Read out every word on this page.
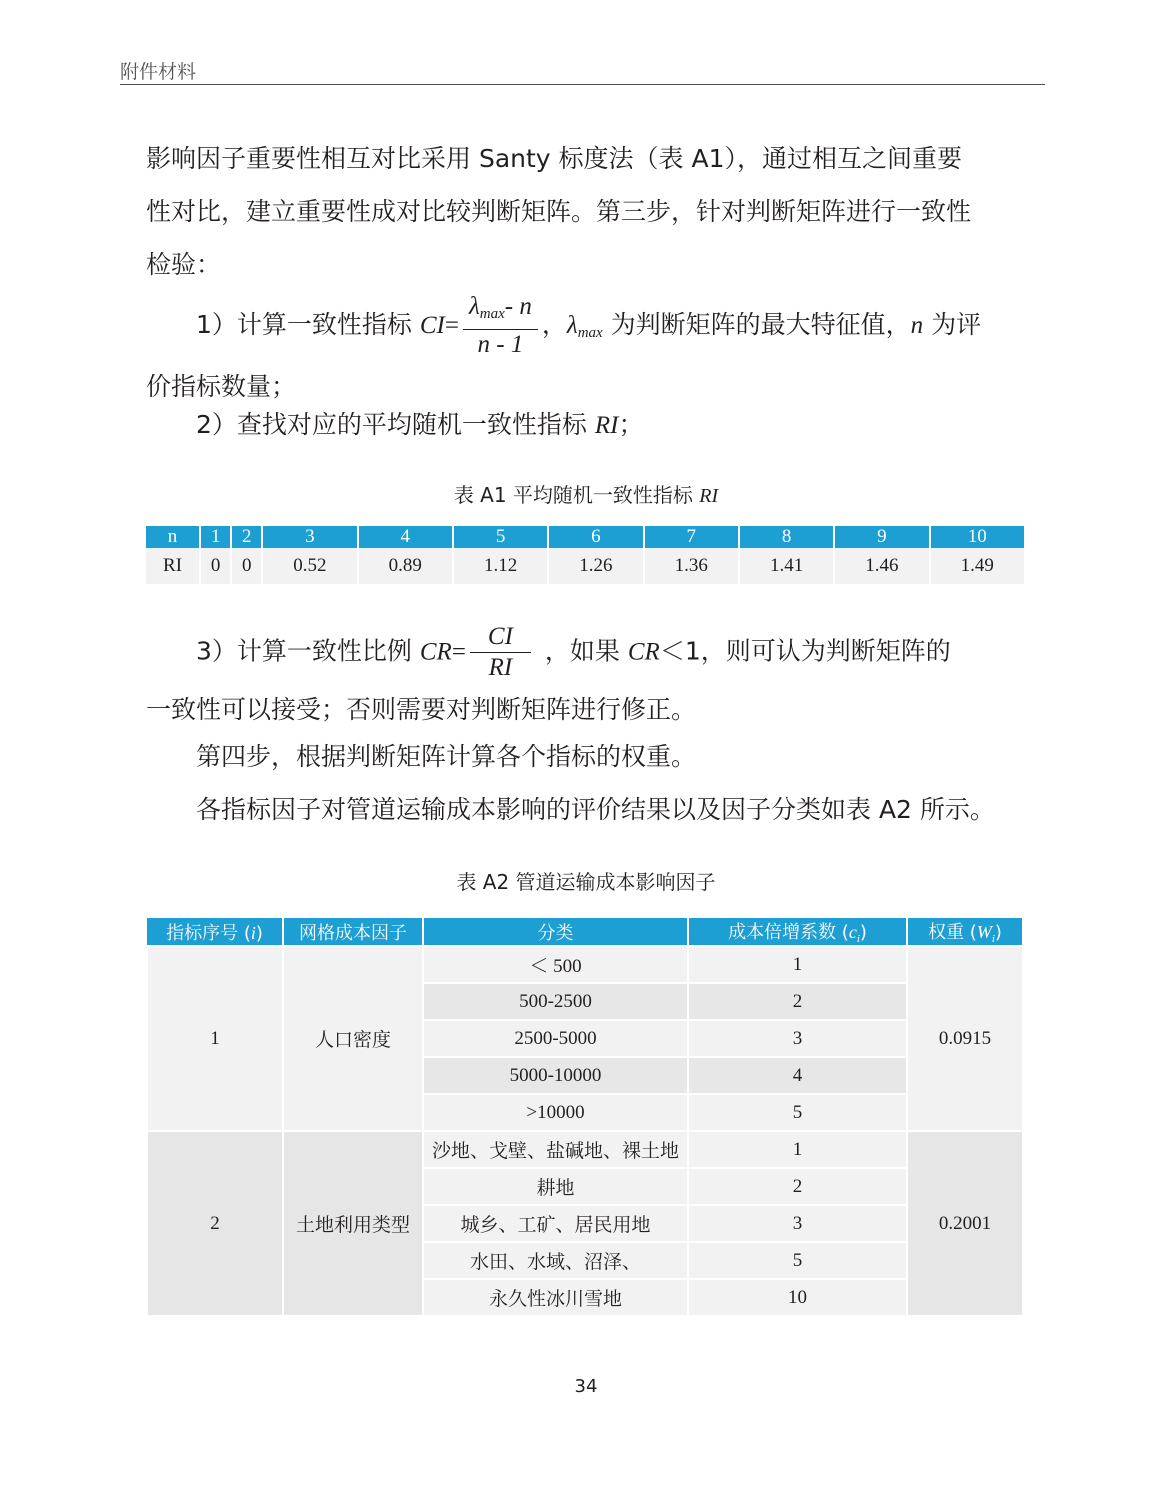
附件材料

影响因子重要性相互对比采用 Santy 标度法（表 A1），通过相互之间重要
性对比，建立重要性成对比较判断矩阵。第三步，针对判断矩阵进行一致性
检验：

1）计算一致性指标 $CI= \frac{\lambda_{max}- n}{n - 1}$ ，$\lambda_{max}$ 为判断矩阵的最大特征值，n 为评
价指标数量；

2）查找对应的平均随机一致性指标 RI；

表 A1 平均随机一致性指标 RI
n	1	2	3	4	5	6	7	8	9	10
RI	0	0	0.52	0.89	1.12	1.26	1.36	1.41	1.46	1.49

3）计算一致性比例 $CR= \frac{CI}{RI}$ ，如果 CR＜1，则可认为判断矩阵的
一致性可以接受；否则需要对判断矩阵进行修正。

第四步，根据判断矩阵计算各个指标的权重。

各指标因子对管道运输成本影响的评价结果以及因子分类如表 A2 所示。

表 A2 管道运输成本影响因子
指标序号 (i)	网格成本因子	分类	成本倍增系数 $(c_i)$	权重 $(W_i)$
1	人口密度	＜ 500	1	0.0915
		500-2500	2	
		2500-5000	3	
		5000-10000	4	
		>10000	5	
2	土地利用类型	沙地、戈壁、盐碱地、裸土地	1	0.2001
		耕地	2	
		城乡、工矿、居民用地	3	
		水田、水域、沼泽、	5	
		永久性冰川雪地	10	
34
